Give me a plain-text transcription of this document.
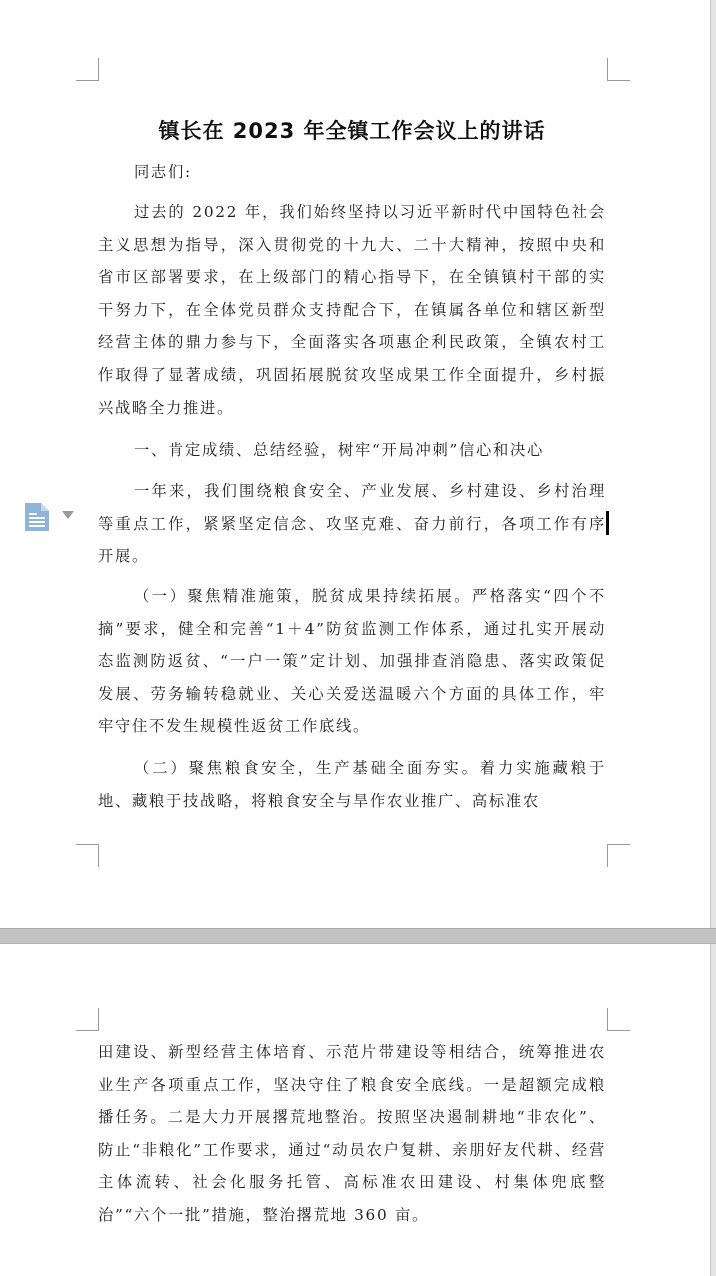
镇长在 2023 年全镇工作会议上的讲话

同志们:

过去的 2022 年，我们始终坚持以习近平新时代中国特色社会主义思想为指导，深入贯彻党的十九大、二十大精神，按照中央和省市区部署要求，在上级部门的精心指导下，在全镇镇村干部的实干努力下，在全体党员群众支持配合下，在镇属各单位和辖区新型经营主体的鼎力参与下，全面落实各项惠企利民政策，全镇农村工作取得了显著成绩，巩固拓展脱贫攻坚成果工作全面提升，乡村振兴战略全力推进。

一、肯定成绩、总结经验，树牢“开局冲刺”信心和决心

一年来，我们围绕粮食安全、产业发展、乡村建设、乡村治理等重点工作，紧紧坚定信念、攻坚克难、奋力前行，各项工作有序开展。

（一）聚焦精准施策，脱贫成果持续拓展。严格落实“四个不摘”要求，健全和完善“1＋4”防贫监测工作体系，通过扎实开展动态监测防返贫、“一户一策”定计划、加强排查消隐患、落实政策促发展、劳务输转稳就业、关心关爱送温暖六个方面的具体工作，牢牢守住不发生规模性返贫工作底线。

（二）聚焦粮食安全，生产基础全面夯实。着力实施藏粮于地、藏粮于技战略，将粮食安全与旱作农业推广、高标准农

田建设、新型经营主体培育、示范片带建设等相结合，统筹推进农业生产各项重点工作，坚决守住了粮食安全底线。一是超额完成粮播任务。二是大力开展撂荒地整治。按照坚决遏制耕地“非农化”、防止“非粮化”工作要求，通过“动员农户复耕、亲朋好友代耕、经营主体流转、社会化服务托管、高标准农田建设、村集体兜底整治”“六个一批”措施，整治撂荒地 360 亩。
